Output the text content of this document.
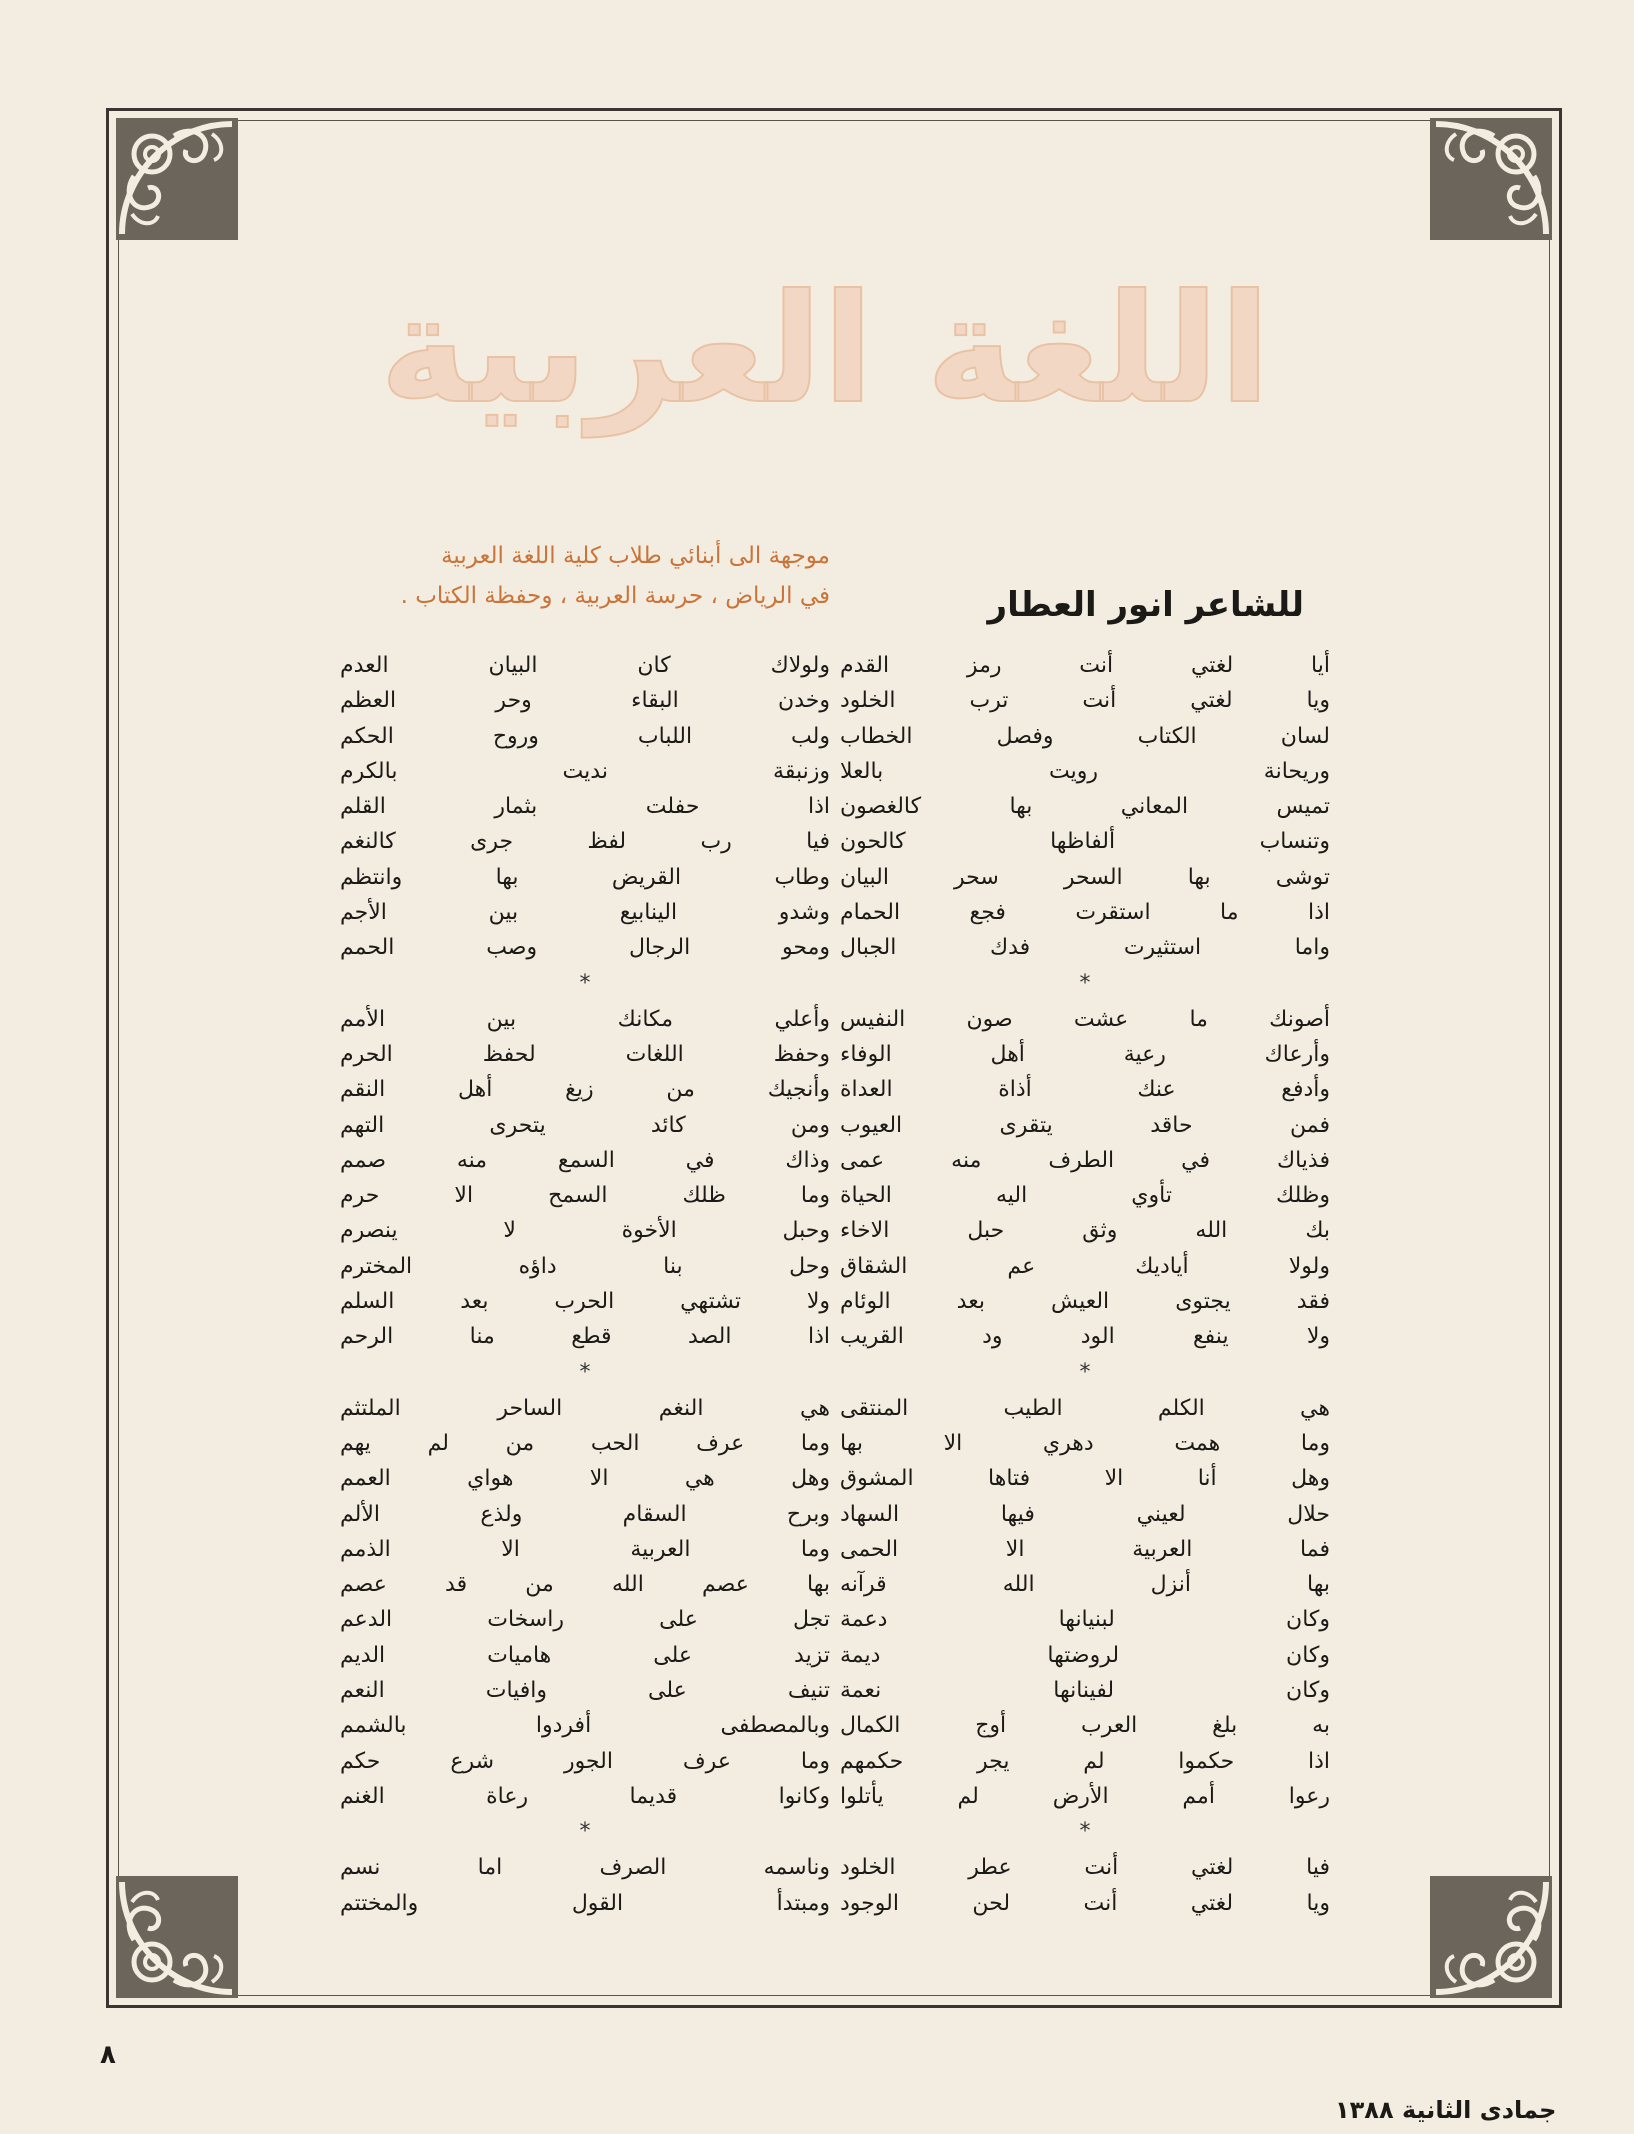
اللغة العربية
للشاعر انور العطار
موجهة الى أبنائي طلاب كلية اللغة العربية
في الرياض ، حرسة العربية ، وحفظة الكتاب .
أيا لغتي أنت رمز القدم
ويا لغتي أنت ترب الخلود
لسان الكتاب وفصل الخطاب
وريحانة رويت بالعلا
تميس المعاني بها كالغصون
وتنساب ألفاظها كالحون
توشى بها السحر سحر البيان
اذا ما استقرت فجع الحمام
واما استثيرت فدك الجبال
*
أصونك ما عشت صون النفيس
وأرعاك رعية أهل الوفاء
وأدفع عنك أذاة العداة
فمن حاقد يتقرى العيوب
فذياك في الطرف منه عمى
وظلك تأوي اليه الحياة
بك الله وثق حبل الاخاء
ولولا أياديك عم الشقاق
فقد يجتوى العيش بعد الوئام
ولا ينفع الود ود القريب
*
هي الكلم الطيب المنتقى
وما همت دهري الا بها
وهل أنا الا فتاها المشوق
حلال لعيني فيها السهاد
فما العربية الا الحمى
بها أنزل الله قرآنه
وكان لبنيانها دعمة
وكان لروضتها ديمة
وكان لفينانها نعمة
به بلغ العرب أوج الكمال
اذا حكموا لم يجر حكمهم
رعوا أمم الأرض لم يأتلوا
*
فيا لغتي أنت عطر الخلود
ويا لغتي أنت لحن الوجود
ولولاك كان البيان العدم
وخدن البقاء وحر العظم
ولب اللباب وروح الحكم
وزنبقة نديت بالكرم
اذا حفلت بثمار القلم
فيا رب لفظ جرى كالنغم
وطاب القريض بها وانتظم
وشدو الينابيع بين الأجم
ومحو الرجال وصب الحمم
*
وأعلي مكانك بين الأمم
وحفظ اللغات لحفظ الحرم
وأنجيك من زيغ أهل النقم
ومن كائد يتحرى التهم
وذاك في السمع منه صمم
وما ظلك السمح الا حرم
وحبل الأخوة لا ينصرم
وحل بنا داؤه المخترم
ولا تشتهي الحرب بعد السلم
اذا الصد قطع منا الرحم
*
هي النغم الساحر الملتثم
وما عرف الحب من لم يهم
وهل هي الا هواي العمم
وبرح السقام ولذع الألم
وما العربية الا الذمم
بها عصم الله من قد عصم
تجل على راسخات الدعم
تزيد على هاميات الديم
تنيف على وافيات النعم
وبالمصطفى أفردوا بالشمم
وما عرف الجور شرع حكم
وكانوا قديما رعاة الغنم
*
وناسمه الصرف اما نسم
ومبتدأ القول والمختتم
٨
جمادى الثانية ١٣٨٨
